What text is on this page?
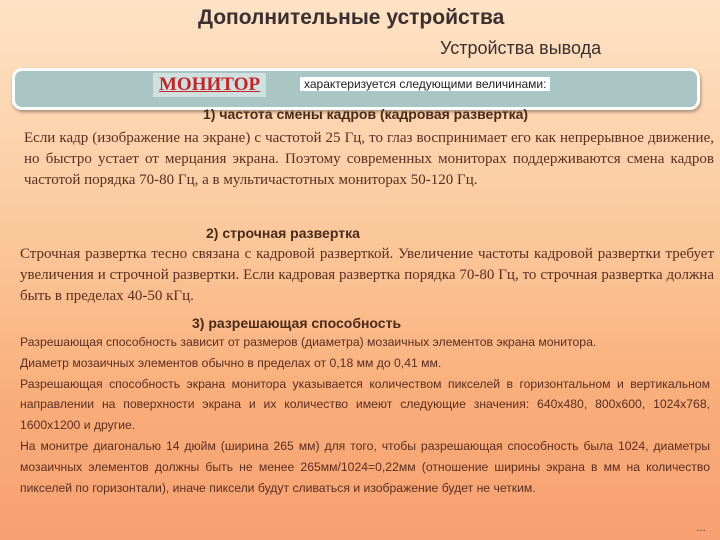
Дополнительные устройства
Устройства вывода
МОНИТОР	характеризуется следующими величинами:
1) частота смены кадров (кадровая развертка)
Если кадр (изображение на экране) с частотой 25 Гц, то глаз воспринимает его как непрерывное движение, но быстро устает от мерцания экрана. Поэтому современных мониторах поддерживаются смена кадров частотой порядка 70-80 Гц, а в мультичастотных мониторах 50-120 Гц.
2) строчная развертка
Строчная развертка тесно связана с кадровой разверткой. Увеличение частоты кадровой развертки требует увеличения и строчной развертки. Если кадровая развертка порядка 70-80 Гц, то строчная развертка должна быть в пределах 40-50 кГц.
3) разрешающая способность
Разрешающая способность зависит от размеров (диаметра) мозаичных элементов экрана монитора.
Диаметр мозаичных элементов обычно в пределах от 0,18 мм до 0,41 мм.
Разрешающая способность экрана монитора указывается количеством пикселей в горизонтальном и вертикальном направлении на поверхности экрана и их количество имеют следующие значения: 640х480, 800х600, 1024х768, 1600х1200 и другие.
На монитре диагональю 14 дюйм (ширина 265 мм) для того, чтобы разрешающая способность была 1024, диаметры мозаичных элементов должны быть не менее 265мм/1024=0,22мм (отношение ширины экрана в мм на количество пикселей по горизонтали), иначе пиксели будут сливаться и изображение будет не четким.
…
